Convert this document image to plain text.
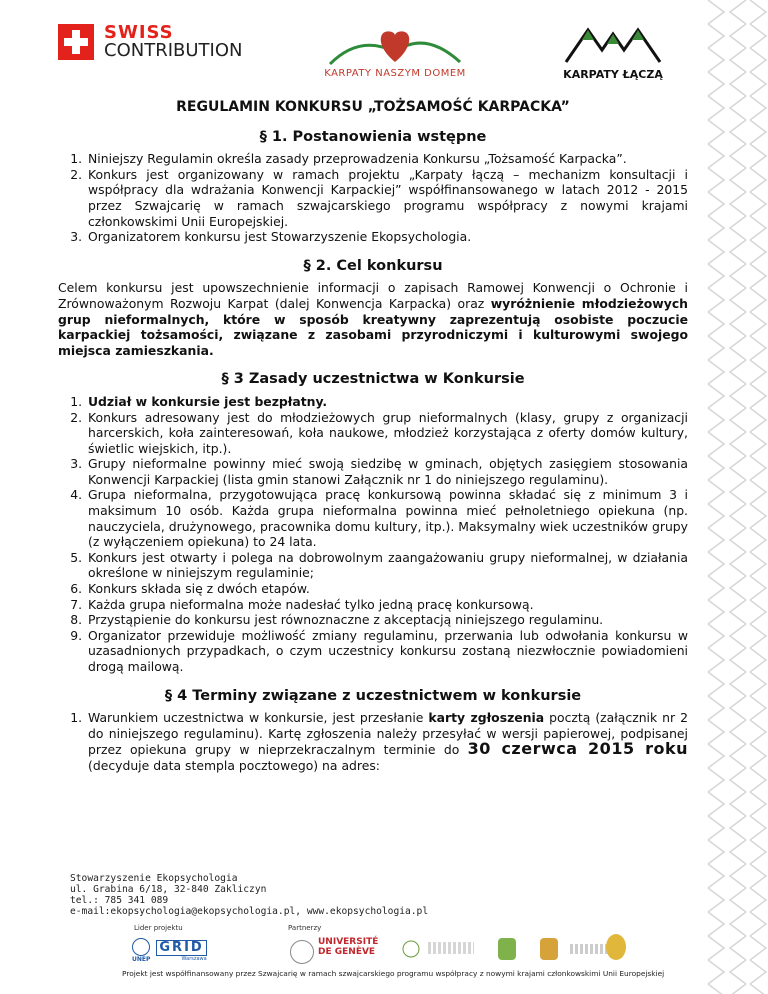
SWISS
CONTRIBUTION
KARPATY NASZYM DOMEM	KARPATY ŁĄCZĄ
REGULAMIN KONKURSU „TOŻSAMOŚĆ KARPACKA”
§ 1. Postanowienia wstępne
1. Niniejszy Regulamin określa zasady przeprowadzenia Konkursu „Tożsamość Karpacka”.
2. Konkurs jest organizowany w ramach projektu „Karpaty łączą – mechanizm konsultacji i współpracy dla wdrażania Konwencji Karpackiej” współfinansowanego w latach 2012 - 2015 przez Szwajcarię w ramach szwajcarskiego programu współpracy z nowymi krajami członkowskimi Unii Europejskiej.
3. Organizatorem konkursu jest Stowarzyszenie Ekopsychologia.
§ 2. Cel konkursu

Celem konkursu jest upowszechnienie informacji o zapisach Ramowej Konwencji o Ochronie i Zrównoważonym Rozwoju Karpat (dalej Konwencja Karpacka) oraz wyróżnienie młodzieżowych grup nieformalnych, które w sposób kreatywny zaprezentują osobiste poczucie karpackiej tożsamości, związane z zasobami przyrodniczymi i kulturowymi swojego miejsca zamieszkania.

§ 3 Zasady uczestnictwa w Konkursie
1. Udział w konkursie jest bezpłatny.
2. Konkurs adresowany jest do młodzieżowych grup nieformalnych (klasy, grupy z organizacji harcerskich, koła zainteresowań, koła naukowe, młodzież korzystająca z oferty domów kultury, świetlic wiejskich, itp.).
3. Grupy nieformalne powinny mieć swoją siedzibę w gminach, objętych zasięgiem stosowania Konwencji Karpackiej (lista gmin stanowi Załącznik nr 1 do niniejszego regulaminu).
4. Grupa nieformalna, przygotowująca pracę konkursową powinna składać się z minimum 3 i maksimum 10 osób. Każda grupa nieformalna powinna mieć pełnoletniego opiekuna (np. nauczyciela, drużynowego, pracownika domu kultury, itp.). Maksymalny wiek uczestników grupy (z wyłączeniem opiekuna) to 24 lata.
5. Konkurs jest otwarty i polega na dobrowolnym zaangażowaniu grupy nieformalnej, w działania określone w niniejszym regulaminie;
6. Konkurs składa się z dwóch etapów.
7. Każda grupa nieformalna może nadesłać tylko jedną pracę konkursową.
8. Przystąpienie do konkursu jest równoznaczne z akceptacją niniejszego regulaminu.
9. Organizator przewiduje możliwość zmiany regulaminu, przerwania lub odwołania konkursu w uzasadnionych przypadkach, o czym uczestnicy konkursu zostaną niezwłocznie powiadomieni drogą mailową.
§ 4 Terminy związane z uczestnictwem w konkursie
1. Warunkiem uczestnictwa w konkursie, jest przesłanie karty zgłoszenia pocztą (załącznik nr 2 do niniejszego regulaminu). Kartę zgłoszenia należy przesyłać w wersji papierowej, podpisanej przez opiekuna grupy w nieprzekraczalnym terminie do 30 czerwca 2015 roku (decyduje data stempla pocztowego) na adres:
Stowarzyszenie Ekopsychologia
ul. Grabina 6/18, 32-840 Zakliczyn
tel.: 785 341 089
e-mail:ekopsychologia@ekopsychologia.pl, www.ekopsychologia.pl
Lider projektu	Partnerzy
UNEP
GRID
Warszawa
UNIVERSITÉ
DE GENÈVE
Projekt jest współfinansowany przez Szwajcarię w ramach szwajcarskiego programu współpracy z nowymi krajami członkowskimi Unii Europejskiej
